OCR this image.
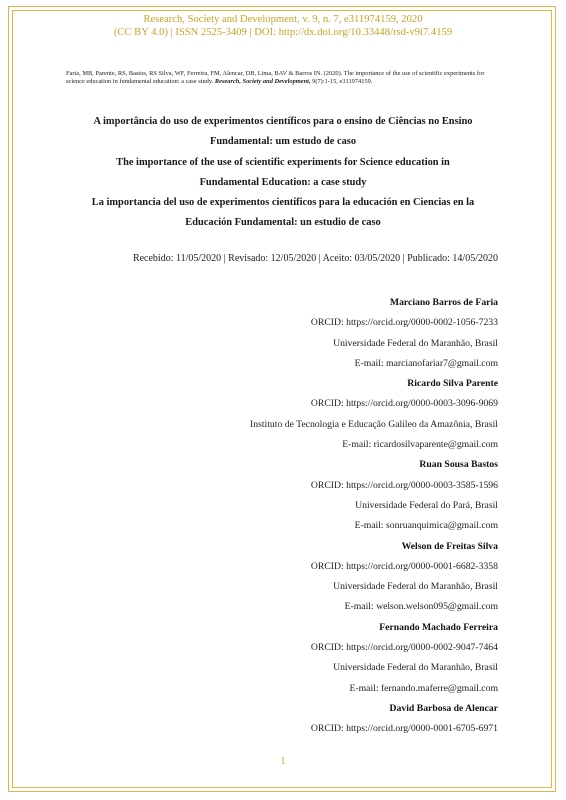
Research, Society and Development, v. 9, n. 7, e311974159, 2020
(CC BY 4.0) | ISSN 2525-3409 | DOI: http://dx.doi.org/10.33448/rsd-v9i7.4159
Faria, MB, Parente, RS, Bastos, RS Silva, WF, Ferreira, FM, Alencar, DB, Lima, BAV & Barros IN. (2020). The importance of the use of scientific experiments for science education in fundamental education: a case study. Research, Society and Development, 9(7):1-15, e311974159.
A importância do uso de experimentos científicos para o ensino de Ciências no Ensino
Fundamental: um estudo de caso
The importance of the use of scientific experiments for Science education in
Fundamental Education: a case study
La importancia del uso de experimentos científicos para la educación en Ciencias en la
Educación Fundamental: un estudio de caso
Recebido: 11/05/2020 | Revisado: 12/05/2020 | Aceito: 03/05/2020 | Publicado: 14/05/2020
Marciano Barros de Faria
ORCID: https://orcid.org/0000-0002-1056-7233
Universidade Federal do Maranhão, Brasil
E-mail: marcianofariar7@gmail.com
Ricardo Silva Parente
ORCID: https://orcid.org/0000-0003-3096-9069
Instituto de Tecnologia e Educação Galileo da Amazônia, Brasil
E-mail: ricardosilvaparente@gmail.com
Ruan Sousa Bastos
ORCID: https://orcid.org/0000-0003-3585-1596
Universidade Federal do Pará, Brasil
E-mail: sonruanquimica@gmail.com
Welson de Freitas Silva
ORCID: https://orcid.org/0000-0001-6682-3358
Universidade Federal do Maranhão, Brasil
E-mail: welson.welson095@gmail.com
Fernando Machado Ferreira
ORCID: https://orcid.org/0000-0002-9047-7464
Universidade Federal do Maranhão, Brasil
E-mail: fernando.maferre@gmail.com
David Barbosa de Alencar
ORCID: https://orcid.org/0000-0001-6705-6971
1
